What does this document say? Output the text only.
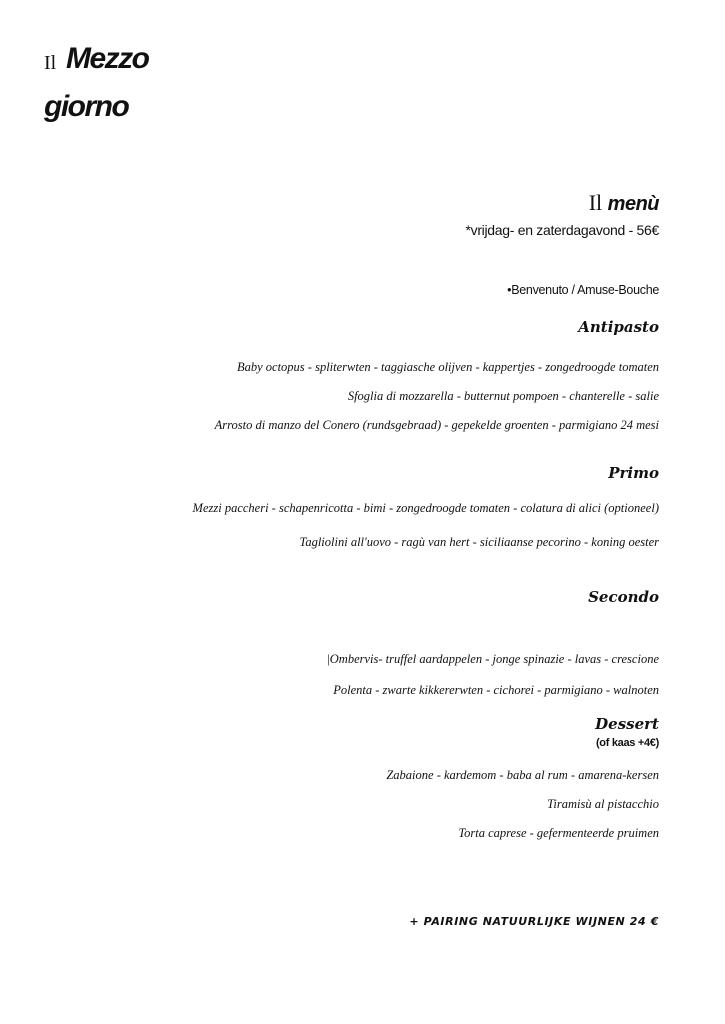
Il Mezzo
giorno
Il menù
*vrijdag- en zaterdagavond - 56€
•Benvenuto / Amuse-Bouche
Antipasto
Baby octopus - spliterwten - taggiasche olijven - kappertjes - zongedroogde tomaten
Sfoglia di mozzarella - butternut pompoen - chanterelle - salie
Arrosto di manzo del Conero (rundsgebraad) - gepekelde groenten - parmigiano 24 mesi
Primo
Mezzi paccheri - schapenricotta - bimi - zongedroogde tomaten - colatura di alici (optioneel)
Tagliolini all'uovo - ragù van hert - siciliaanse pecorino - koning oester
Secondo
|Ombervis- truffel aardappelen - jonge spinazie - lavas - crescione
Polenta - zwarte kikkererwten - cichorei - parmigiano - walnoten
Dessert
(of kaas +4€)
Zabaione - kardemom - baba al rum - amarena-kersen
Tiramisù al pistacchio
Torta caprese - gefermenteerde pruimen
+ PAIRING NATUURLIJKE WIJNEN 24 €
